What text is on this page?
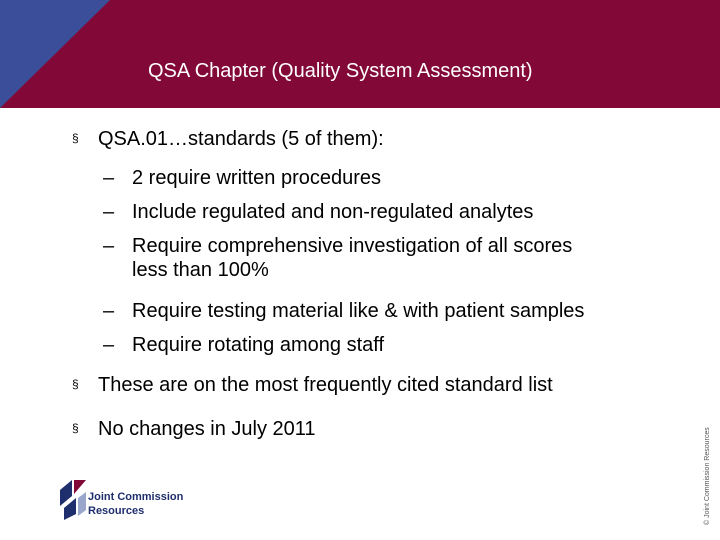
QSA Chapter (Quality System Assessment)
§ QSA.01…standards (5 of them):
– 2 require written procedures
– Include regulated and non-regulated analytes
– Require comprehensive investigation of all scores
less than 100%
– Require testing material like & with patient samples
– Require rotating among staff
§ These are on the most frequently cited standard list
§ No changes in July 2011	© Joint Commission Resources
Joint Commission
Resources
